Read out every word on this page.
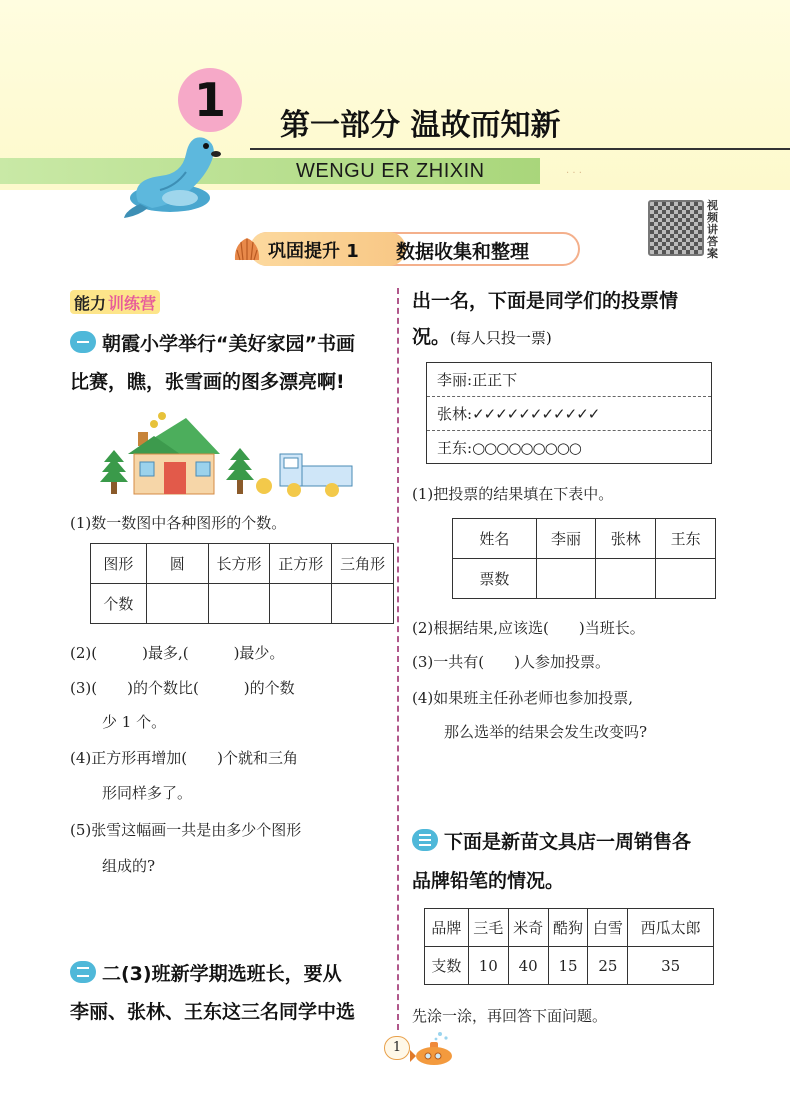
1	第一部分 温故而知新
WENGU ER ZHIXIN	· · ·
视频讲答案
巩固提升 1 数据收集和整理
能力 训练营
朝霞小学举行“美好家园”书画
比赛，瞧，张雪画的图多漂亮啊!
(1)数一数图中各种图形的个数。
图形	圆	长方形	正方形	三角形
个数				
(2)(　　　)最多,(　　　)最少。
(3)(　　)的个数比(　　　)的个数
少 1 个。
(4)正方形再增加(　　)个就和三角
形同样多了。
(5)张雪这幅画一共是由多少个图形
组成的?
二(3)班新学期选班长，要从
李丽、张林、王东这三名同学中选
出一名，下面是同学们的投票情
况。(每人只投一票)
李丽:正正下
张林:✓✓✓✓✓✓✓✓✓✓✓
王东:○○○○○○○○○
(1)把投票的结果填在下表中。
姓名	李丽	张林	王东
票数			
(2)根据结果,应该选(　　)当班长。
(3)一共有(　　)人参加投票。
(4)如果班主任孙老师也参加投票,
那么选举的结果会发生改变吗?
下面是新苗文具店一周销售各
品牌铅笔的情况。
品牌	三毛	米奇	酷狗	白雪	西瓜太郎
支数	10	40	15	25	35
先涂一涂，再回答下面问题。
1
